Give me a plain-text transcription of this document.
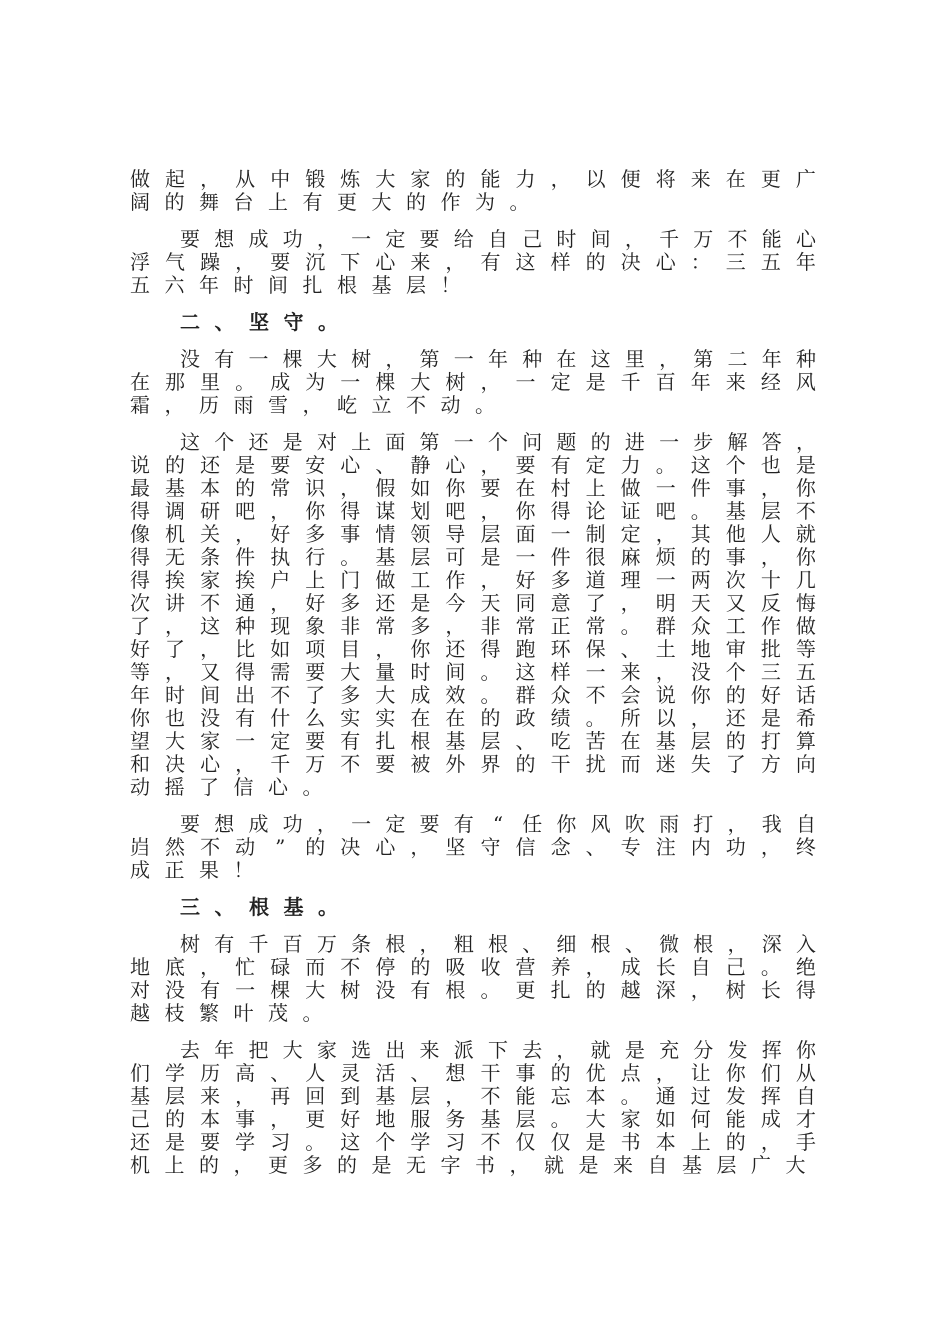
做 起 ， 从 中 锻 炼 大 家 的 能 力 ， 以 便 将 来 在 更 广
阔 的 舞 台 上 有 更 大 的 作 为 。
要 想 成 功 ， 一 定 要 给 自 己 时 间 ， 千 万 不 能 心
浮 气 躁 ， 要 沉 下 心 来 ， 有 这 样 的 决 心 ： 三 五 年
五 六 年 时 间 扎 根 基 层 ！
二 、 坚 守 。
没 有 一 棵 大 树 ， 第 一 年 种 在 这 里 ， 第 二 年 种
在 那 里 。 成 为 一 棵 大 树 ， 一 定 是 千 百 年 来 经 风
霜 ， 历 雨 雪 ， 屹 立 不 动 。
这 个 还 是 对 上 面 第 一 个 问 题 的 进 一 步 解 答 ，
说 的 还 是 要 安 心 、 静 心 ， 要 有 定 力 。 这 个 也 是
最 基 本 的 常 识 ， 假 如 你 要 在 村 上 做 一 件 事 ， 你
得 调 研 吧 ， 你 得 谋 划 吧 ， 你 得 论 证 吧 。 基 层 不
像 机 关 ， 好 多 事 情 领 导 层 面 一 制 定 ， 其 他 人 就
得 无 条 件 执 行 。 基 层 可 是 一 件 很 麻 烦 的 事 ， 你
得 挨 家 挨 户 上 门 做 工 作 ， 好 多 道 理 一 两 次 十 几
次 讲 不 通 ， 好 多 还 是 今 天 同 意 了 ， 明 天 又 反 悔
了 ， 这 种 现 象 非 常 多 ， 非 常 正 常 。 群 众 工 作 做
好 了 ， 比 如 项 目 ， 你 还 得 跑 环 保 、 土 地 审 批 等
等 ， 又 得 需 要 大 量 时 间 。 这 样 一 来 ， 没 个 三 五
年 时 间 出 不 了 多 大 成 效 。 群 众 不 会 说 你 的 好 话
你 也 没 有 什 么 实 实 在 在 的 政 绩 。 所 以 ， 还 是 希
望 大 家 一 定 要 有 扎 根 基 层 、 吃 苦 在 基 层 的 打 算
和 决 心 ， 千 万 不 要 被 外 界 的 干 扰 而 迷 失 了 方 向
动 摇 了 信 心 。
要 想 成 功 ， 一 定 要 有 “ 任 你 风 吹 雨 打 ， 我 自
岿 然 不 动 ” 的 决 心 ， 坚 守 信 念 、 专 注 内 功 ， 终
成 正 果 ！
三 、 根 基 。
树 有 千 百 万 条 根 ， 粗 根 、 细 根 、 微 根 ， 深 入
地 底 ， 忙 碌 而 不 停 的 吸 收 营 养 ， 成 长 自 己 。 绝
对 没 有 一 棵 大 树 没 有 根 。 更 扎 的 越 深 ， 树 长 得
越 枝 繁 叶 茂 。
去 年 把 大 家 选 出 来 派 下 去 ， 就 是 充 分 发 挥 你
们 学 历 高 、 人 灵 活 、 想 干 事 的 优 点 ， 让 你 们 从
基 层 来 ， 再 回 到 基 层 ， 不 能 忘 本 。 通 过 发 挥 自
己 的 本 事 ， 更 好 地 服 务 基 层 。 大 家 如 何 能 成 才
还 是 要 学 习 。 这 个 学 习 不 仅 仅 是 书 本 上 的 ， 手
机 上 的 ， 更 多 的 是 无 字 书 ， 就 是 来 自 基 层 广 大
